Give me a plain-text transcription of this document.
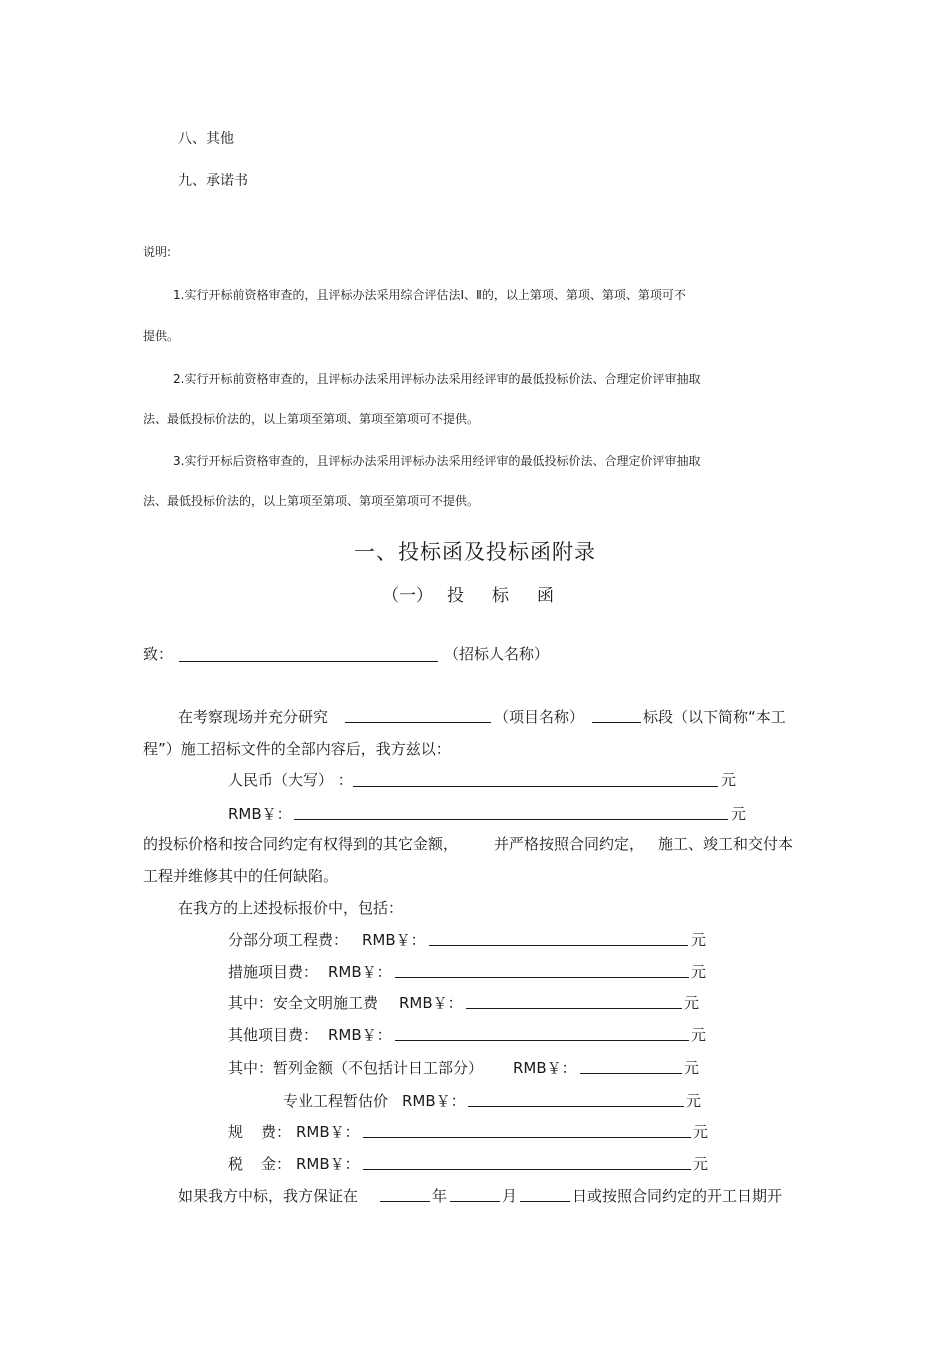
八、其他
九、承诺书
说明:
1.实行开标前资格审查的，且评标办法采用综合评估法Ⅰ、Ⅱ的，以上第项、第项、第项、第项可不
提供。
2.实行开标前资格审查的，且评标办法采用评标办法采用经评审的最低投标价法、合理定价评审抽取
法、最低投标价法的，以上第项至第项、第项至第项可不提供。
3.实行开标后资格审查的，且评标办法采用评标办法采用经评审的最低投标价法、合理定价评审抽取
法、最低投标价法的，以上第项至第项、第项至第项可不提供。
一、投标函及投标函附录
（一） 投 标 函
致：	（招标人名称）
在考察现场并充分研究	（项目名称）	标段（以下简称“本工
程”）施工招标文件的全部内容后，我方兹以：
人民币（大写） ：	元
RMB￥：	元
的投标价格和按合同约定有权得到的其它金额， 并严格按照合同约定， 施工、竣工和交付本
工程并维修其中的任何缺陷。
在我方的上述投标报价中，包括：
分部分项工程费： RMB￥：	元
措施项目费： RMB￥：	元
其中：安全文明施工费 RMB￥：	元
其他项目费： RMB￥：	元
其中：暂列金额（不包括计日工部分） RMB￥：	元
专业工程暂估价 RMB￥：	元
规 费： RMB￥：	元
税 金： RMB￥：	元
如果我方中标，我方保证在	年	月	日或按照合同约定的开工日期开
